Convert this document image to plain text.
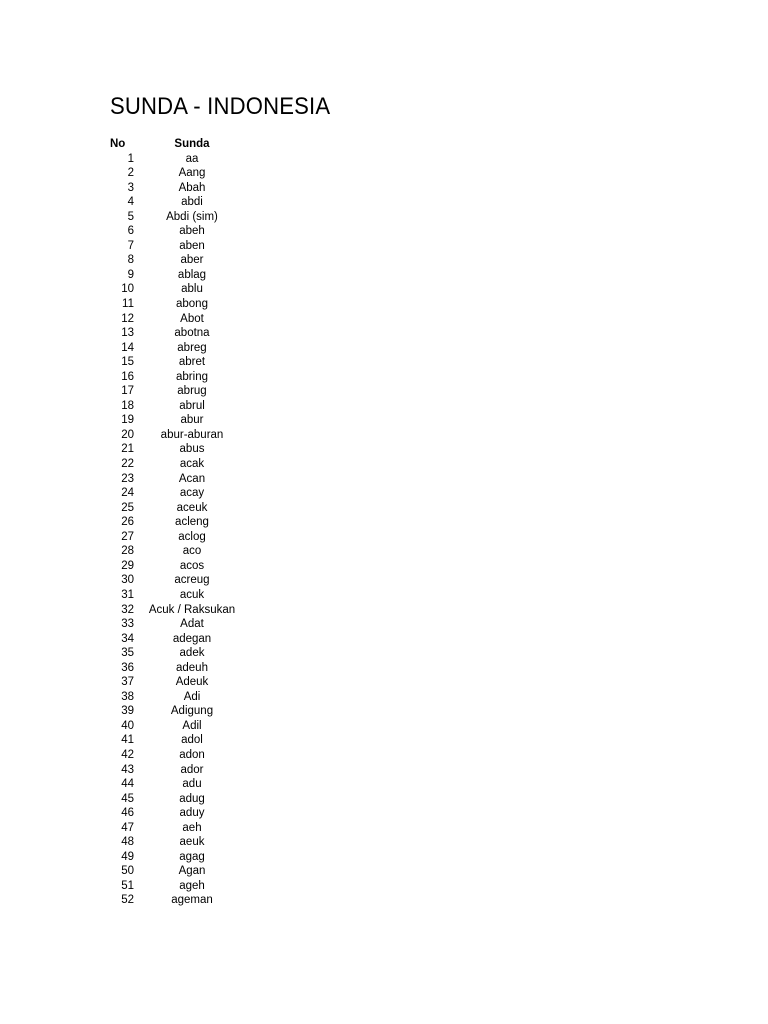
SUNDA - INDONESIA
No	Sunda
1	aa
2	Aang
3	Abah
4	abdi
5	Abdi (sim)
6	abeh
7	aben
8	aber
9	ablag
10	ablu
11	abong
12	Abot
13	abotna
14	abreg
15	abret
16	abring
17	abrug
18	abrul
19	abur
20	abur-aburan
21	abus
22	acak
23	Acan
24	acay
25	aceuk
26	acleng
27	aclog
28	aco
29	acos
30	acreug
31	acuk
32	Acuk / Raksukan
33	Adat
34	adegan
35	adek
36	adeuh
37	Adeuk
38	Adi
39	Adigung
40	Adil
41	adol
42	adon
43	ador
44	adu
45	adug
46	aduy
47	aeh
48	aeuk
49	agag
50	Agan
51	ageh
52	ageman
